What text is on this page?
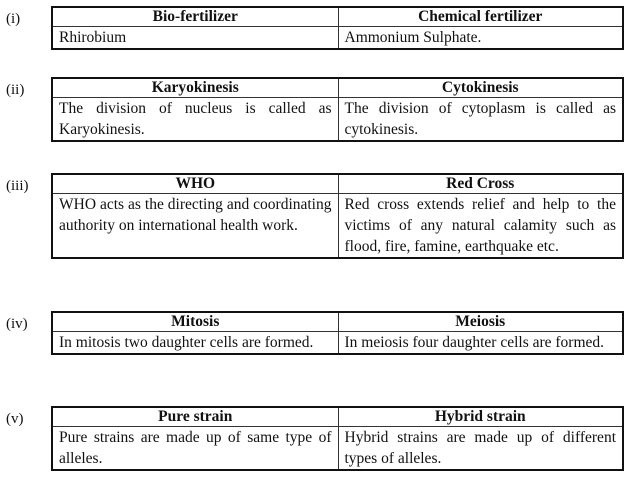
(i)	Bio-fertilizer	Chemical fertilizer
Rhirobium	Ammonium Sulphate.
(ii)	Karyokinesis	Cytokinesis
The division of nucleus is called as Karyokinesis.	The division of cytoplasm is called as cytokinesis.
(iii)	WHO	Red Cross
WHO acts as the directing and coordinating authority on international health work.	Red cross extends relief and help to the victims of any natural calamity such as flood, fire, famine, earthquake etc.
(iv)	Mitosis	Meiosis
In mitosis two daughter cells are formed.	In meiosis four daughter cells are formed.
(v)	Pure strain	Hybrid strain
Pure strains are made up of same type of alleles.	Hybrid strains are made up of different types of alleles.
